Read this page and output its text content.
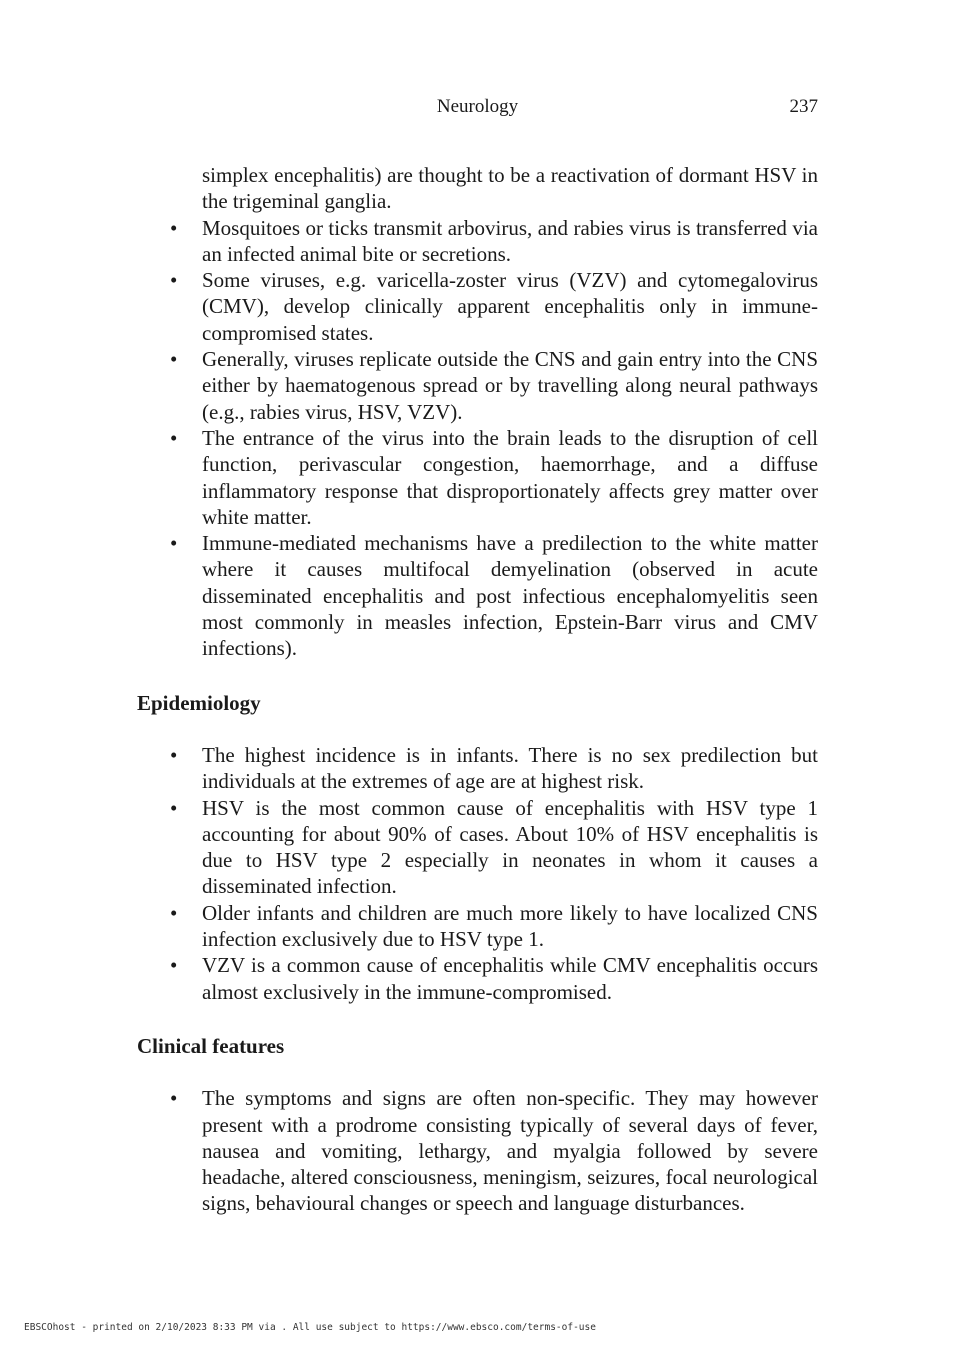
Neurology	237

simplex encephalitis) are thought to be a reactivation of dormant HSV in the trigeminal ganglia.

• Mosquitoes or ticks transmit arbovirus, and rabies virus is transferred via an infected animal bite or secretions.
• Some viruses, e.g. varicella-zoster virus (VZV) and cytomegalovirus (CMV), develop clinically apparent encephalitis only in immune-compromised states.
• Generally, viruses replicate outside the CNS and gain entry into the CNS either by haematogenous spread or by travelling along neural pathways (e.g., rabies virus, HSV, VZV).
• The entrance of the virus into the brain leads to the disruption of cell function, perivascular congestion, haemorrhage, and a diffuse inflammatory response that disproportionately affects grey matter over white matter.
• Immune-mediated mechanisms have a predilection to the white matter where it causes multifocal demyelination (observed in acute disseminated encephalitis and post infectious encephalomyelitis seen most commonly in measles infection, Epstein-Barr virus and CMV infections).
Epidemiology
• The highest incidence is in infants. There is no sex predilection but individuals at the extremes of age are at highest risk.
• HSV is the most common cause of encephalitis with HSV type 1 accounting for about 90% of cases. About 10% of HSV encephalitis is due to HSV type 2 especially in neonates in whom it causes a disseminated infection.
• Older infants and children are much more likely to have localized CNS infection exclusively due to HSV type 1.
• VZV is a common cause of encephalitis while CMV encephalitis occurs almost exclusively in the immune-compromised.
Clinical features
• The symptoms and signs are often non-specific. They may however present with a prodrome consisting typically of several days of fever, nausea and vomiting, lethargy, and myalgia followed by severe headache, altered consciousness, meningism, seizures, focal neurological signs, behavioural changes or speech and language disturbances.
EBSCOhost - printed on 2/10/2023 8:33 PM via . All use subject to https://www.ebsco.com/terms-of-use
